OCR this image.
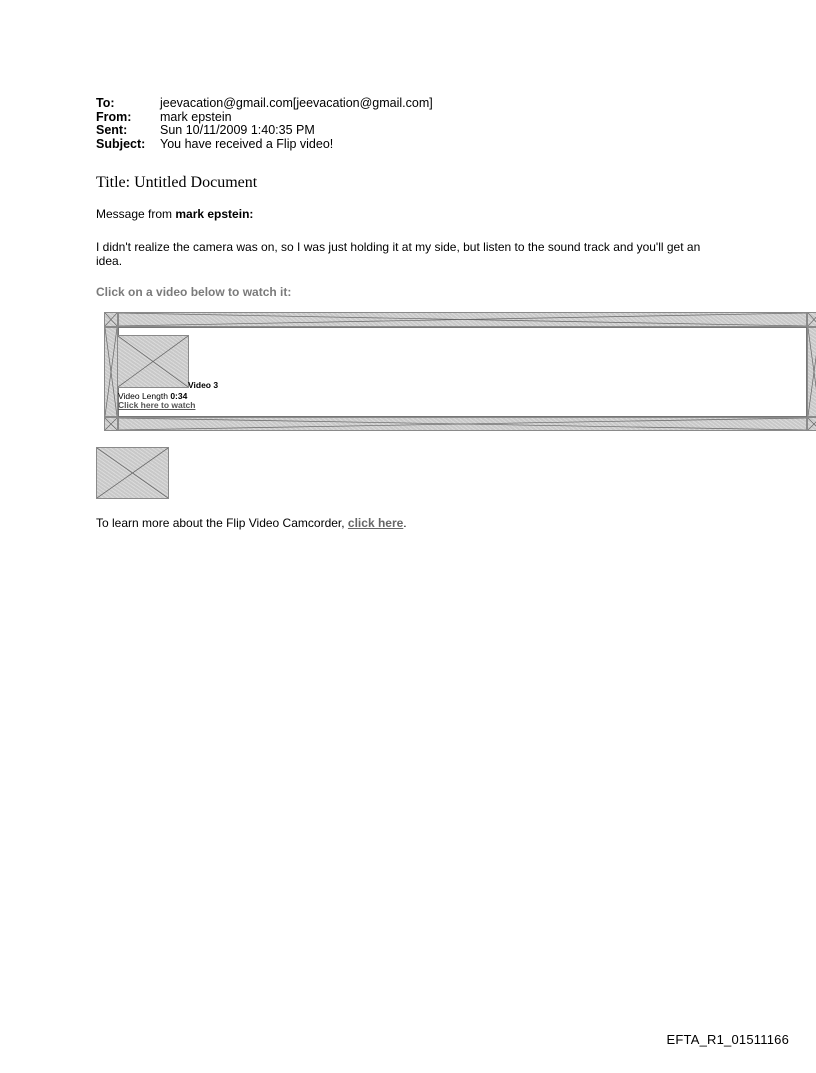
To:	jeevacation@gmail.com[jeevacation@gmail.com]
From:	mark epstein
Sent:	Sun 10/11/2009 1:40:35 PM
Subject:	You have received a Flip video!
Title: Untitled Document
Message from mark epstein:
I didn't realize the camera was on, so I was just holding it at my side, but listen to the sound track and you'll get an idea.
Click on a video below to watch it:
Video 3
Video Length 0:34
Click here to watch
To learn more about the Flip Video Camcorder, click here.
EFTA_R1_01511166
